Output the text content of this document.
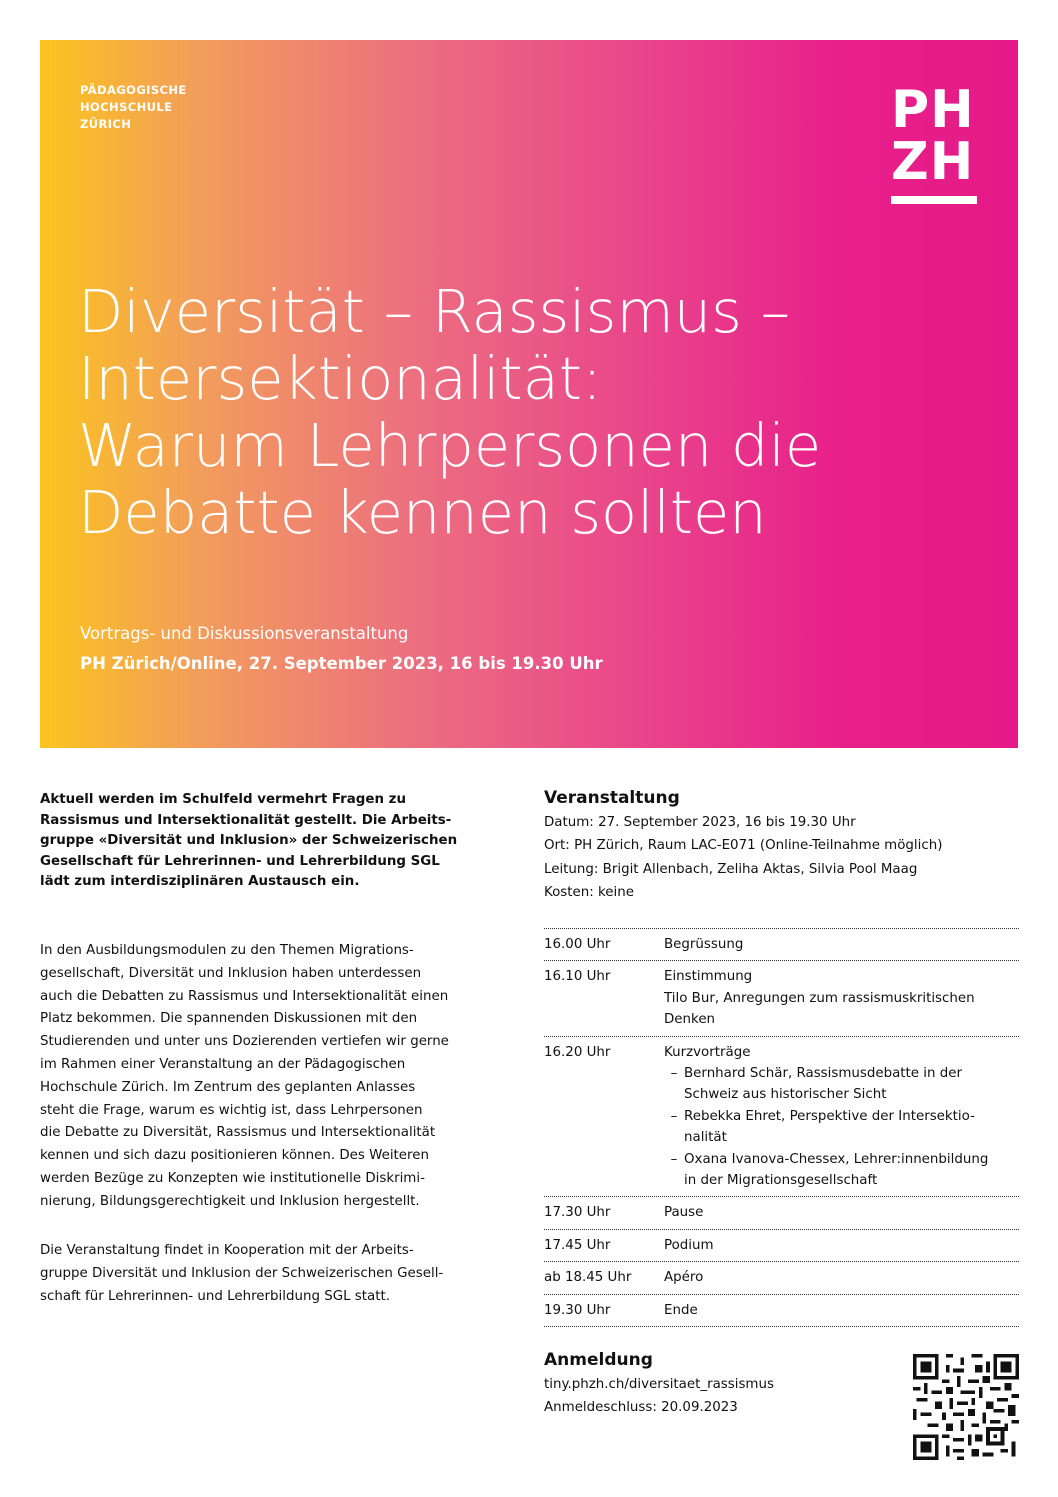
PÄDAGOGISCHE
HOCHSCHULE
ZÜRICH	PH
ZH
Diversität – Rassismus –
Intersektionalität:
Warum Lehrpersonen die
Debatte kennen sollten
Vortrags- und Diskussionsveranstaltung
PH Zürich/Online, 27. September 2023, 16 bis 19.30 Uhr
Aktuell werden im Schulfeld vermehrt Fragen zu
Rassismus und Intersektionalität gestellt. Die Arbeits-
gruppe «Diversität und Inklusion» der Schweizerischen
Gesellschaft für Lehrerinnen- und Lehrerbildung SGL
lädt zum interdisziplinären Austausch ein.
In den Ausbildungsmodulen zu den Themen Migrations-
gesellschaft, Diversität und Inklusion haben unterdessen
auch die Debatten zu Rassismus und Intersektionalität einen
Platz bekommen. Die spannenden Diskussionen mit den
Studierenden und unter uns Dozierenden vertiefen wir gerne
im Rahmen einer Veranstaltung an der Pädagogischen
Hochschule Zürich. Im Zentrum des geplanten Anlasses
steht die Frage, warum es wichtig ist, dass Lehrpersonen
die Debatte zu Diversität, Rassismus und Intersektionalität
kennen und sich dazu positionieren können. Des Weiteren
werden Bezüge zu Konzepten wie institutionelle Diskrimi-
nierung, Bildungsgerechtigkeit und Inklusion hergestellt.
Die Veranstaltung findet in Kooperation mit der Arbeits-
gruppe Diversität und Inklusion der Schweizerischen Gesell-
schaft für Lehrerinnen- und Lehrerbildung SGL statt.
Veranstaltung
Datum: 27. September 2023, 16 bis 19.30 Uhr
Ort: PH Zürich, Raum LAC-E071 (Online-Teilnahme möglich)
Leitung: Brigit Allenbach, Zeliha Aktas, Silvia Pool Maag
Kosten: keine
16.00 Uhr	Begrüssung
16.10 Uhr	Einstimmung
Tilo Bur, Anregungen zum rassismuskritischen
Denken
16.20 Uhr	Kurzvorträge
– Bernhard Schär, Rassismusdebatte in der
Schweiz aus historischer Sicht
– Rebekka Ehret, Perspektive der Intersektio-
nalität
– Oxana Ivanova-Chessex, Lehrer:innenbildung
in der Migrationsgesellschaft
17.30 Uhr	Pause
17.45 Uhr	Podium
ab 18.45 Uhr	Apéro
19.30 Uhr	Ende
Anmeldung
tiny.phzh.ch/diversitaet_rassismus
Anmeldeschluss: 20.09.2023
